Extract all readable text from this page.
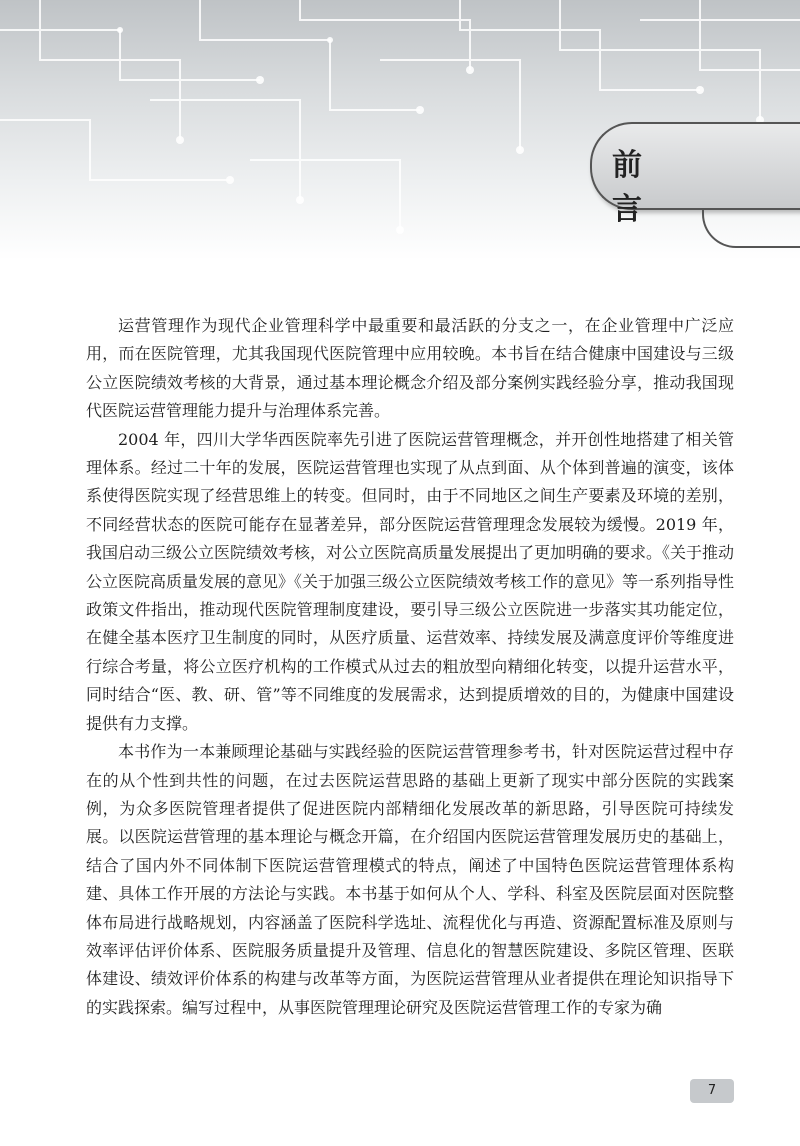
前 言

运营管理作为现代企业管理科学中最重要和最活跃的分支之一，在企业管理中广泛应用，而在医院管理，尤其我国现代医院管理中应用较晚。本书旨在结合健康中国建设与三级公立医院绩效考核的大背景，通过基本理论概念介绍及部分案例实践经验分享，推动我国现代医院运营管理能力提升与治理体系完善。

2004 年，四川大学华西医院率先引进了医院运营管理概念，并开创性地搭建了相关管理体系。经过二十年的发展，医院运营管理也实现了从点到面、从个体到普遍的演变，该体系使得医院实现了经营思维上的转变。但同时，由于不同地区之间生产要素及环境的差别，不同经营状态的医院可能存在显著差异，部分医院运营管理理念发展较为缓慢。2019 年，我国启动三级公立医院绩效考核，对公立医院高质量发展提出了更加明确的要求。《关于推动公立医院高质量发展的意见》《关于加强三级公立医院绩效考核工作的意见》等一系列指导性政策文件指出，推动现代医院管理制度建设，要引导三级公立医院进一步落实其功能定位，在健全基本医疗卫生制度的同时，从医疗质量、运营效率、持续发展及满意度评价等维度进行综合考量，将公立医疗机构的工作模式从过去的粗放型向精细化转变，以提升运营水平，同时结合“医、教、研、管”等不同维度的发展需求，达到提质增效的目的，为健康中国建设提供有力支撑。

本书作为一本兼顾理论基础与实践经验的医院运营管理参考书，针对医院运营过程中存在的从个性到共性的问题，在过去医院运营思路的基础上更新了现实中部分医院的实践案例，为众多医院管理者提供了促进医院内部精细化发展改革的新思路，引导医院可持续发展。以医院运营管理的基本理论与概念开篇，在介绍国内医院运营管理发展历史的基础上，结合了国内外不同体制下医院运营管理模式的特点，阐述了中国特色医院运营管理体系构建、具体工作开展的方法论与实践。本书基于如何从个人、学科、科室及医院层面对医院整体布局进行战略规划，内容涵盖了医院科学选址、流程优化与再造、资源配置标准及原则与效率评估评价体系、医院服务质量提升及管理、信息化的智慧医院建设、多院区管理、医联体建设、绩效评价体系的构建与改革等方面，为医院运营管理从业者提供在理论知识指导下的实践探索。编写过程中，从事医院管理理论研究及医院运营管理工作的专家为确

7
